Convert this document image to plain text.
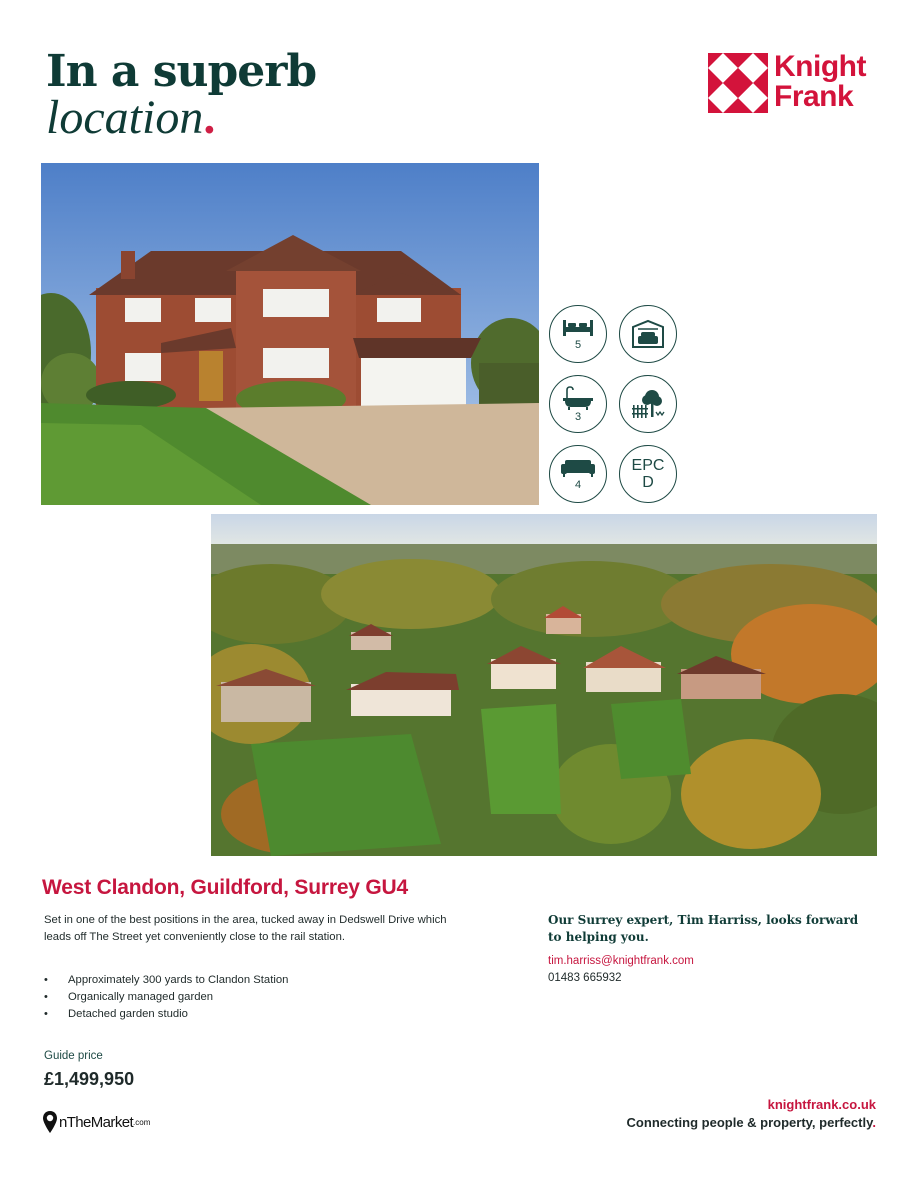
In a superb
location.
Knight
Frank
5
3
4
EPC
D
West Clandon, Guildford, Surrey GU4
Set in one of the best positions in the area, tucked away in Dedswell Drive which leads off The Street yet conveniently close to the rail station.
• Approximately 300 yards to Clandon Station
• Organically managed garden
• Detached garden studio
Guide price
£1,499,950
Our Surrey expert, Tim Harriss, looks forward to helping you.
tim.harriss@knightfrank.com
01483 665932
nTheMarket .com
knightfrank.co.uk
Connecting people & property, perfectly.
